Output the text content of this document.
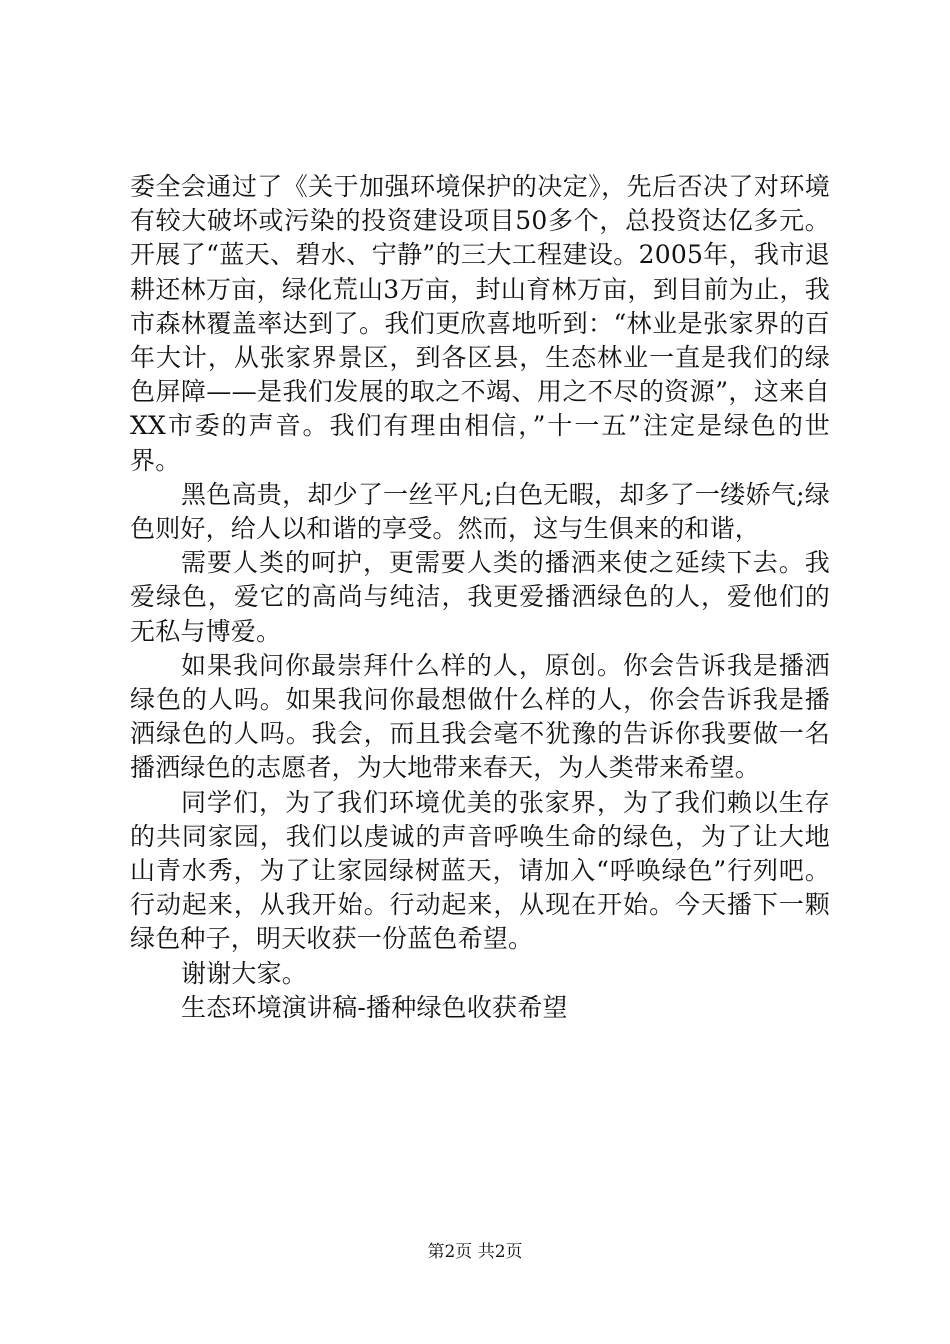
委全会通过了《关于加强环境保护的决定》，先后否决了对环境有较大破坏或污染的投资建设项目50多个，总投资达亿多元。开展了“蓝天、碧水、宁静”的三大工程建设。2005年，我市退耕还林万亩，绿化荒山3万亩，封山育林万亩，到目前为止，我市森林覆盖率达到了。我们更欣喜地听到：“林业是张家界的百年大计，从张家界景区，到各区县，生态林业一直是我们的绿色屏障——是我们发展的取之不竭、用之不尽的资源”，这来自XX市委的声音。我们有理由相信，”十一五”注定是绿色的世界。

黑色高贵，却少了一丝平凡;白色无暇，却多了一缕娇气;绿色则好，给人以和谐的享受。然而，这与生俱来的和谐，

需要人类的呵护，更需要人类的播洒来使之延续下去。我爱绿色，爱它的高尚与纯洁，我更爱播洒绿色的人，爱他们的无私与博爱。

如果我问你最崇拜什么样的人，原创。你会告诉我是播洒绿色的人吗。如果我问你最想做什么样的人，你会告诉我是播洒绿色的人吗。我会，而且我会毫不犹豫的告诉你我要做一名播洒绿色的志愿者，为大地带来春天，为人类带来希望。

同学们，为了我们环境优美的张家界，为了我们赖以生存的共同家园，我们以虔诚的声音呼唤生命的绿色，为了让大地山青水秀，为了让家园绿树蓝天，请加入“呼唤绿色”行列吧。行动起来，从我开始。行动起来，从现在开始。今天播下一颗绿色种子，明天收获一份蓝色希望。

谢谢大家。

生态环境演讲稿-播种绿色收获希望

第2页 共2页
